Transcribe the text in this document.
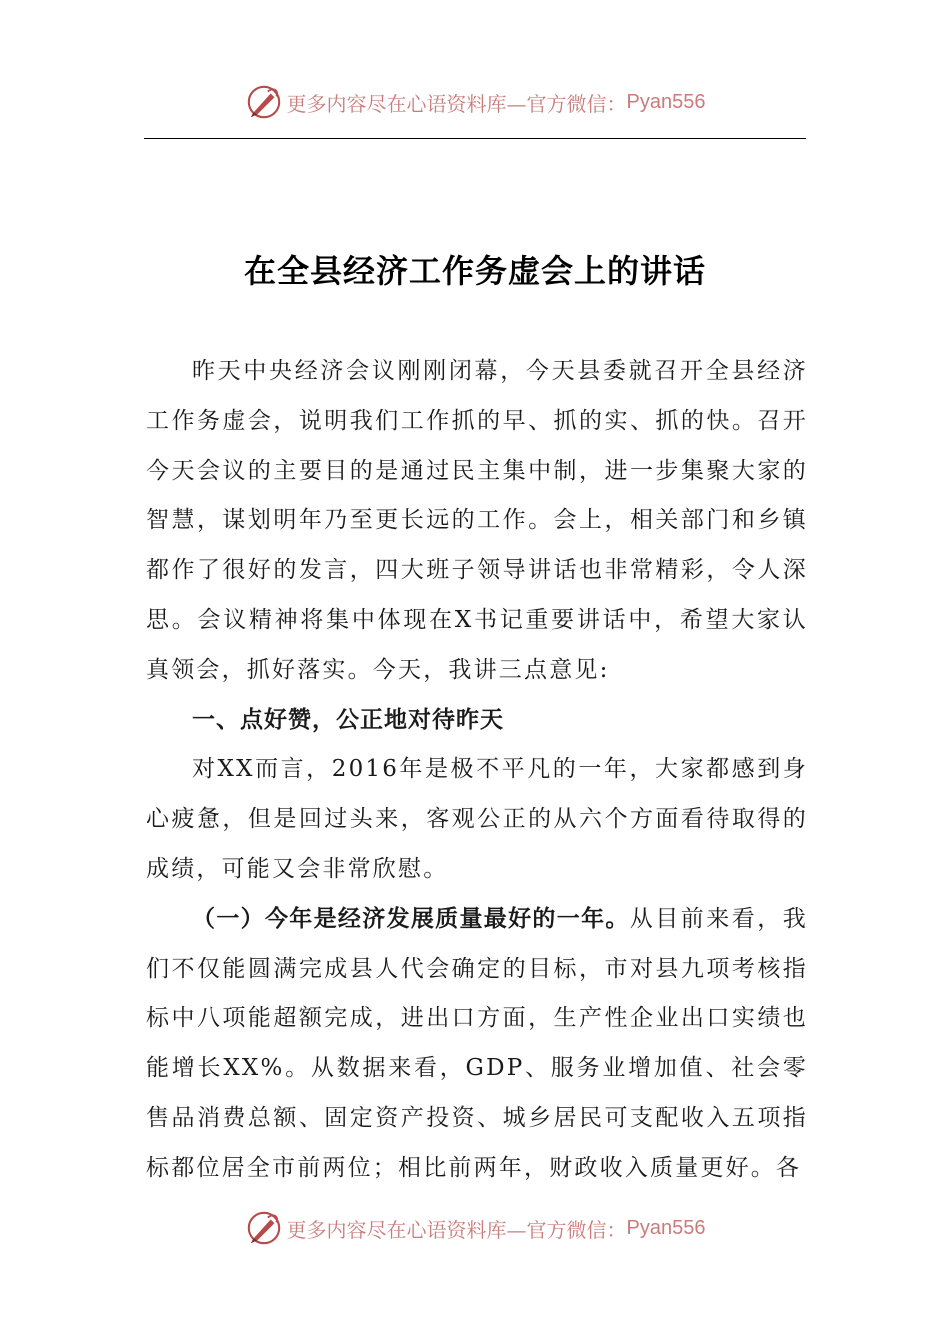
更多内容尽在心语资料库—官方微信： Pyan556
在全县经济工作务虚会上的讲话

昨天中央经济会议刚刚闭幕，今天县委就召开全县经济工作务虚会，说明我们工作抓的早、抓的实、抓的快。召开今天会议的主要目的是通过民主集中制，进一步集聚大家的智慧，谋划明年乃至更长远的工作。会上，相关部门和乡镇都作了很好的发言，四大班子领导讲话也非常精彩，令人深思。会议精神将集中体现在X书记重要讲话中，希望大家认真领会，抓好落实。今天，我讲三点意见:

一、点好赞，公正地对待昨天

对XX而言，2016年是极不平凡的一年，大家都感到身心疲惫，但是回过头来，客观公正的从六个方面看待取得的成绩，可能又会非常欣慰。

（一）今年是经济发展质量最好的一年。从目前来看，我们不仅能圆满完成县人代会确定的目标，市对县九项考核指标中八项能超额完成，进出口方面，生产性企业出口实绩也能增长XX%。从数据来看，GDP、服务业增加值、社会零售品消费总额、固定资产投资、城乡居民可支配收入五项指标都位居全市前两位；相比前两年，财政收入质量更好。各

更多内容尽在心语资料库—官方微信： Pyan556
